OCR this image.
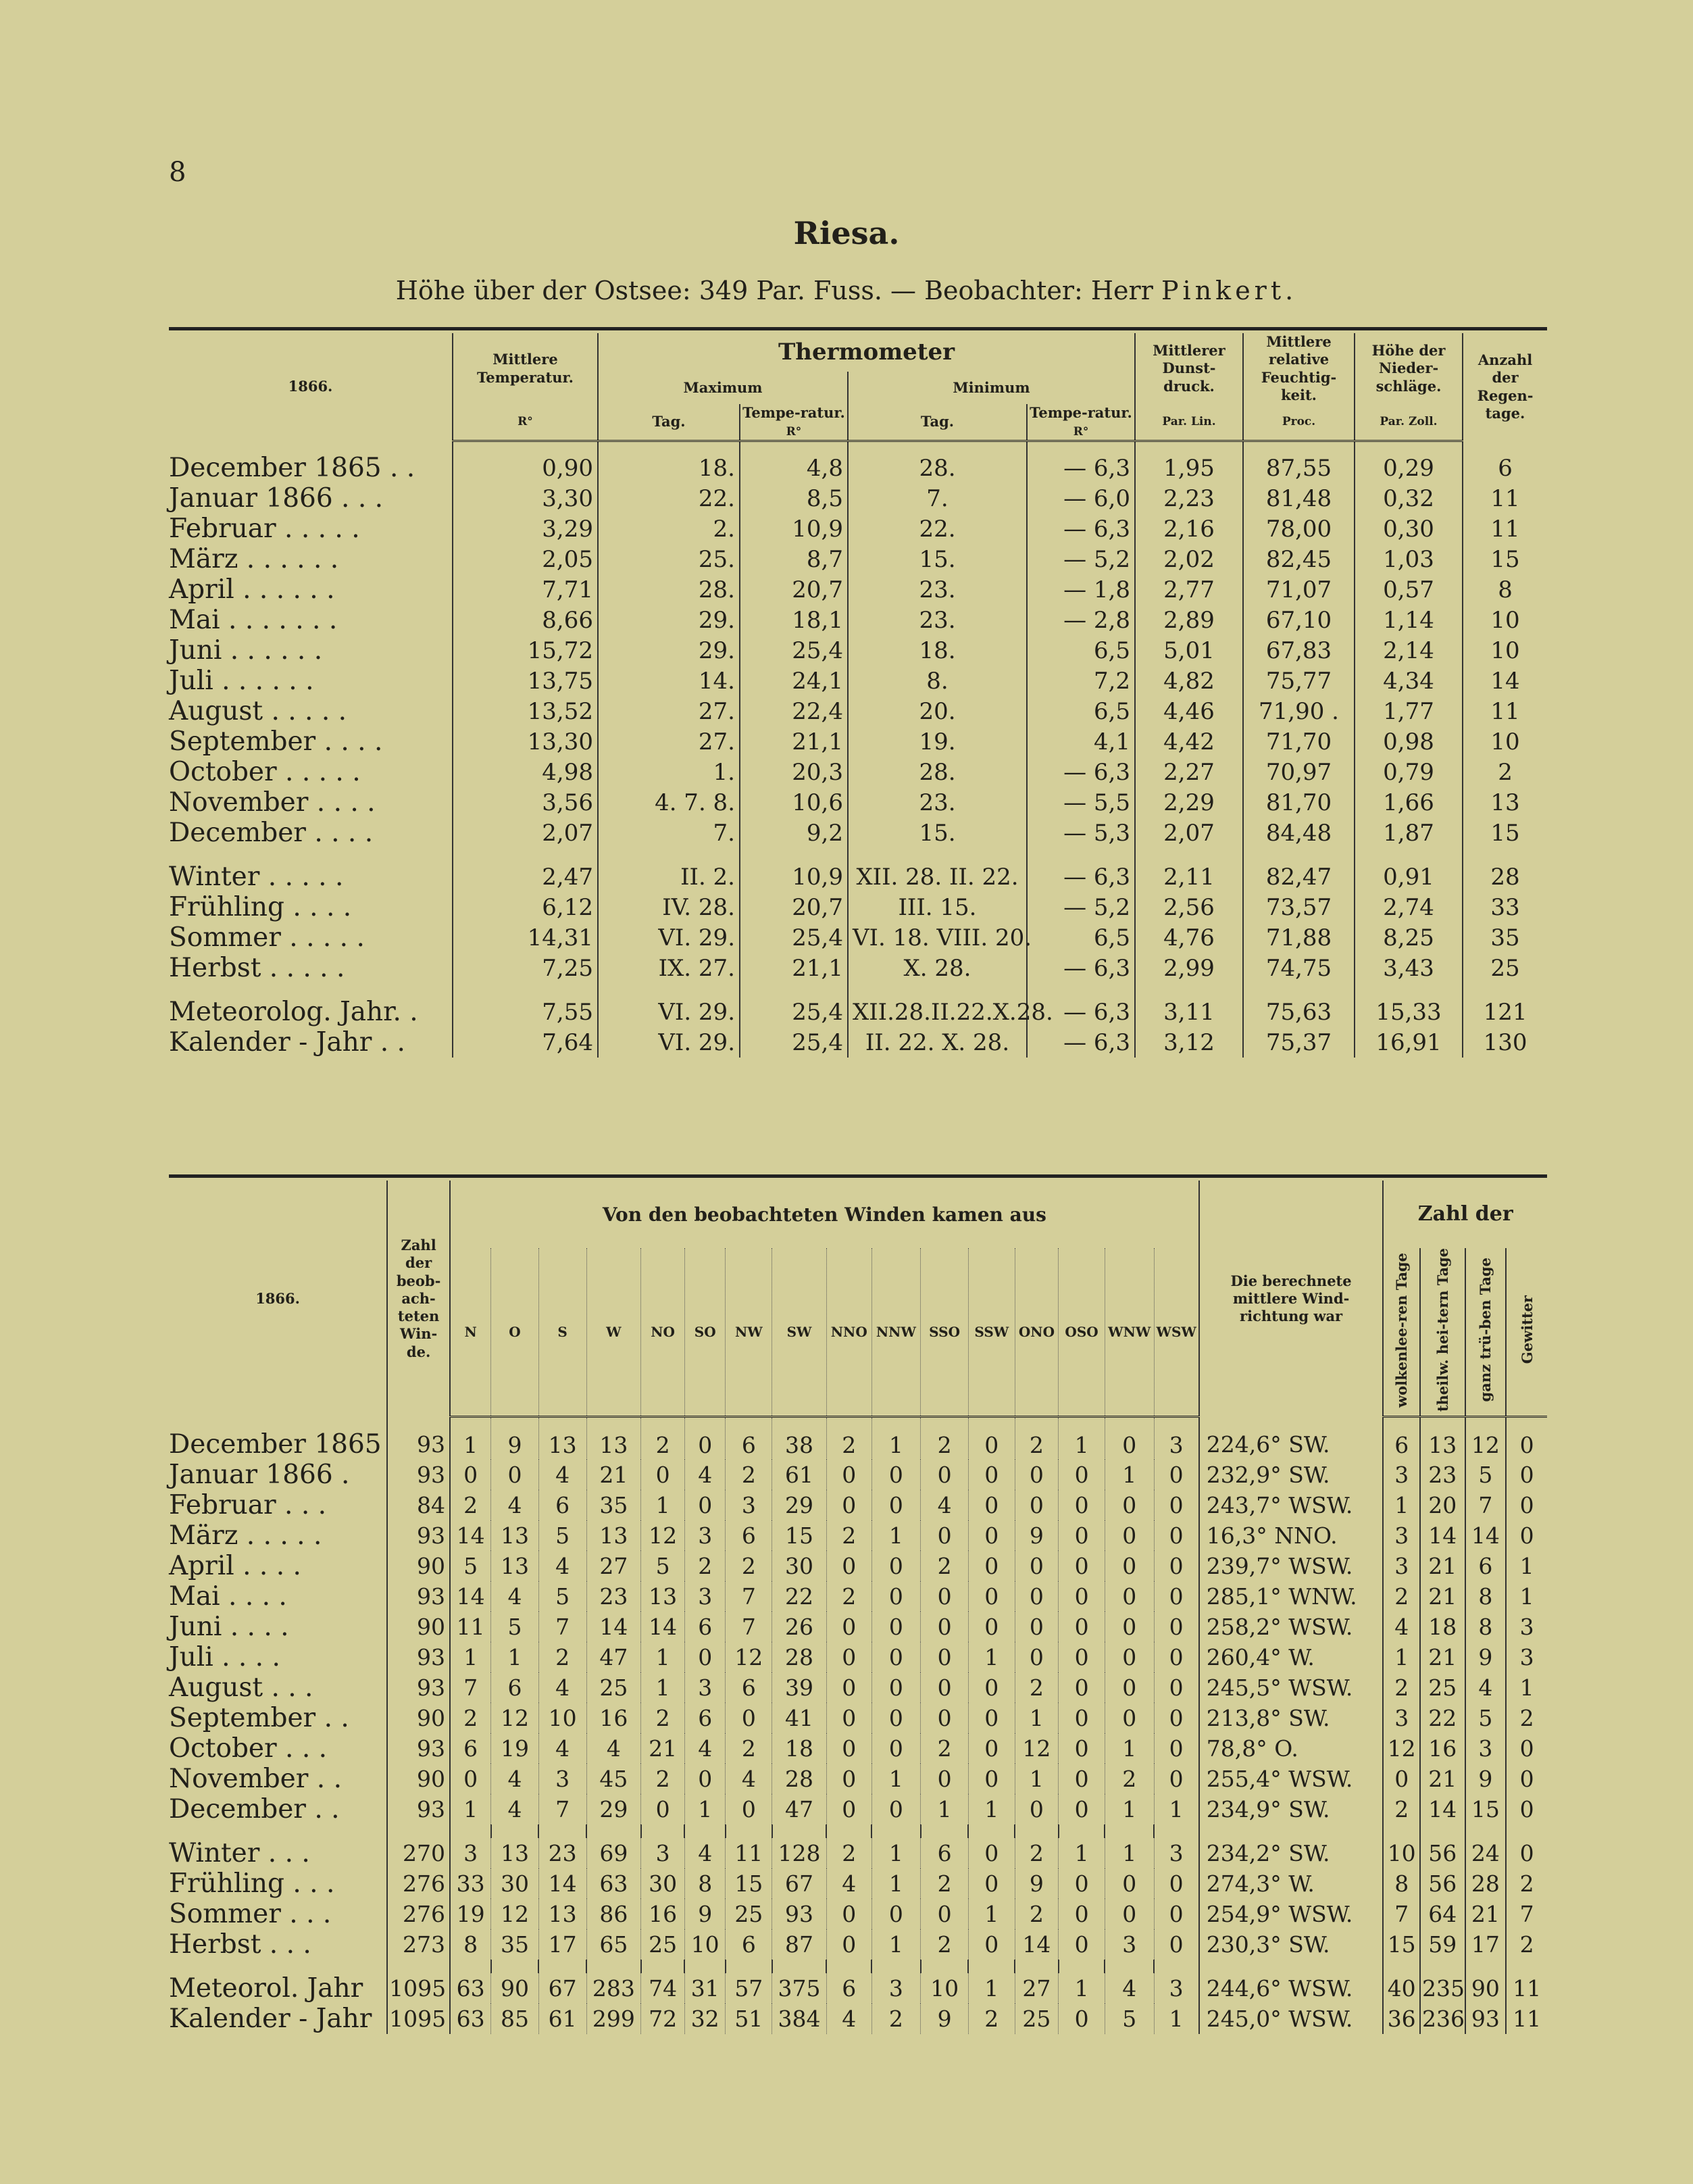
8
Riesa.
Höhe über der Ostsee: 349 Par. Fuss. — Beobachter: Herr Pinkert.
1866.	Mittlere Temperatur.	Thermometer				Mittlerer Dunst-druck.	Mittlere relative Feuchtig-keit.	Höhe der Nieder-schläge.	Anzahl der Regen-tage.
		Maximum		Minimum					
	R°	Tag.	Tempe-ratur. R°	Tag.	Tempe-ratur. R°	Par. Lin.	Proc.	Par. Zoll.	
December 1865 . .	0,90	18.	4,8	28.	— 6,3	1,95	87,55	0,29	6
Januar 1866 . . .	3,30	22.	8,5	7.	— 6,0	2,23	81,48	0,32	11
Februar . . . . .	3,29	2.	10,9	22.	— 6,3	2,16	78,00	0,30	11
März . . . . . .	2,05	25.	8,7	15.	— 5,2	2,02	82,45	1,03	15
April . . . . . .	7,71	28.	20,7	23.	— 1,8	2,77	71,07	0,57	8
Mai . . . . . . .	8,66	29.	18,1	23.	— 2,8	2,89	67,10	1,14	10
Juni . . . . . .	15,72	29.	25,4	18.	6,5	5,01	67,83	2,14	10
Juli . . . . . .	13,75	14.	24,1	8.	7,2	4,82	75,77	4,34	14
August . . . . .	13,52	27.	22,4	20.	6,5	4,46	71,90 .	1,77	11
September . . . .	13,30	27.	21,1	19.	4,1	4,42	71,70	0,98	10
October . . . . .	4,98	1.	20,3	28.	— 6,3	2,27	70,97	0,79	2
November . . . .	3,56	4. 7. 8.	10,6	23.	— 5,5	2,29	81,70	1,66	13
December . . . .	2,07	7.	9,2	15.	— 5,3	2,07	84,48	1,87	15

Winter . . . . .	2,47	II. 2.	10,9	XII. 28. II. 22.	— 6,3	2,11	82,47	0,91	28
Frühling . . . .	6,12	IV. 28.	20,7	III. 15.	— 5,2	2,56	73,57	2,74	33
Sommer . . . . .	14,31	VI. 29.	25,4	VI. 18. VIII. 20.	6,5	4,76	71,88	8,25	35
Herbst . . . . .	7,25	IX. 27.	21,1	X. 28.	— 6,3	2,99	74,75	3,43	25

Meteorolog. Jahr. .	7,55	VI. 29.	25,4	XII.28.II.22.X.28.	— 6,3	3,11	75,63	15,33	121
Kalender - Jahr . .	7,64	VI. 29.	25,4	II. 22. X. 28.	— 6,3	3,12	75,37	16,91	130
1866.	Zahl der beob-ach-teten Win-de.	Von den beobachteten Winden kamen aus																Die berechnete mittlere Wind-richtung war	Zahl der			
		N	O	S	W	NO	SO	NW	SW	NNO	NNW	SSO	SSW	ONO	OSO	WNW	WSW		wolkenlee-ren Tage	theilw. hei-tern Tage	ganz trü-ben Tage	Gewitter
December 1865	93	1	9	13	13	2	0	6	38	2	1	2	0	2	1	0	3	224,6° SW.	6	13	12	0
Januar 1866 .	93	0	0	4	21	0	4	2	61	0	0	0	0	0	0	1	0	232,9° SW.	3	23	5	0
Februar . . .	84	2	4	6	35	1	0	3	29	0	0	4	0	0	0	0	0	243,7° WSW.	1	20	7	0
März . . . . .	93	14	13	5	13	12	3	6	15	2	1	0	0	9	0	0	0	16,3° NNO.	3	14	14	0
April . . . .	90	5	13	4	27	5	2	2	30	0	0	2	0	0	0	0	0	239,7° WSW.	3	21	6	1
Mai . . . .	93	14	4	5	23	13	3	7	22	2	0	0	0	0	0	0	0	285,1° WNW.	2	21	8	1
Juni . . . .	90	11	5	7	14	14	6	7	26	0	0	0	0	0	0	0	0	258,2° WSW.	4	18	8	3
Juli . . . .	93	1	1	2	47	1	0	12	28	0	0	0	1	0	0	0	0	260,4° W.	1	21	9	3
August . . .	93	7	6	4	25	1	3	6	39	0	0	0	0	2	0	0	0	245,5° WSW.	2	25	4	1
September . .	90	2	12	10	16	2	6	0	41	0	0	0	0	1	0	0	0	213,8° SW.	3	22	5	2
October . . .	93	6	19	4	4	21	4	2	18	0	0	2	0	12	0	1	0	78,8° O.	12	16	3	0
November . .	90	0	4	3	45	2	0	4	28	0	1	0	0	1	0	2	0	255,4° WSW.	0	21	9	0
December . .	93	1	4	7	29	0	1	0	47	0	0	1	1	0	0	1	1	234,9° SW.	2	14	15	0

Winter . . .	270	3	13	23	69	3	4	11	128	2	1	6	0	2	1	1	3	234,2° SW.	10	56	24	0
Frühling . . .	276	33	30	14	63	30	8	15	67	4	1	2	0	9	0	0	0	274,3° W.	8	56	28	2
Sommer . . .	276	19	12	13	86	16	9	25	93	0	0	0	1	2	0	0	0	254,9° WSW.	7	64	21	7
Herbst . . .	273	8	35	17	65	25	10	6	87	0	1	2	0	14	0	3	0	230,3° SW.	15	59	17	2

Meteorol. Jahr	1095	63	90	67	283	74	31	57	375	6	3	10	1	27	1	4	3	244,6° WSW.	40	235	90	11
Kalender - Jahr	1095	63	85	61	299	72	32	51	384	4	2	9	2	25	0	5	1	245,0° WSW.	36	236	93	11
